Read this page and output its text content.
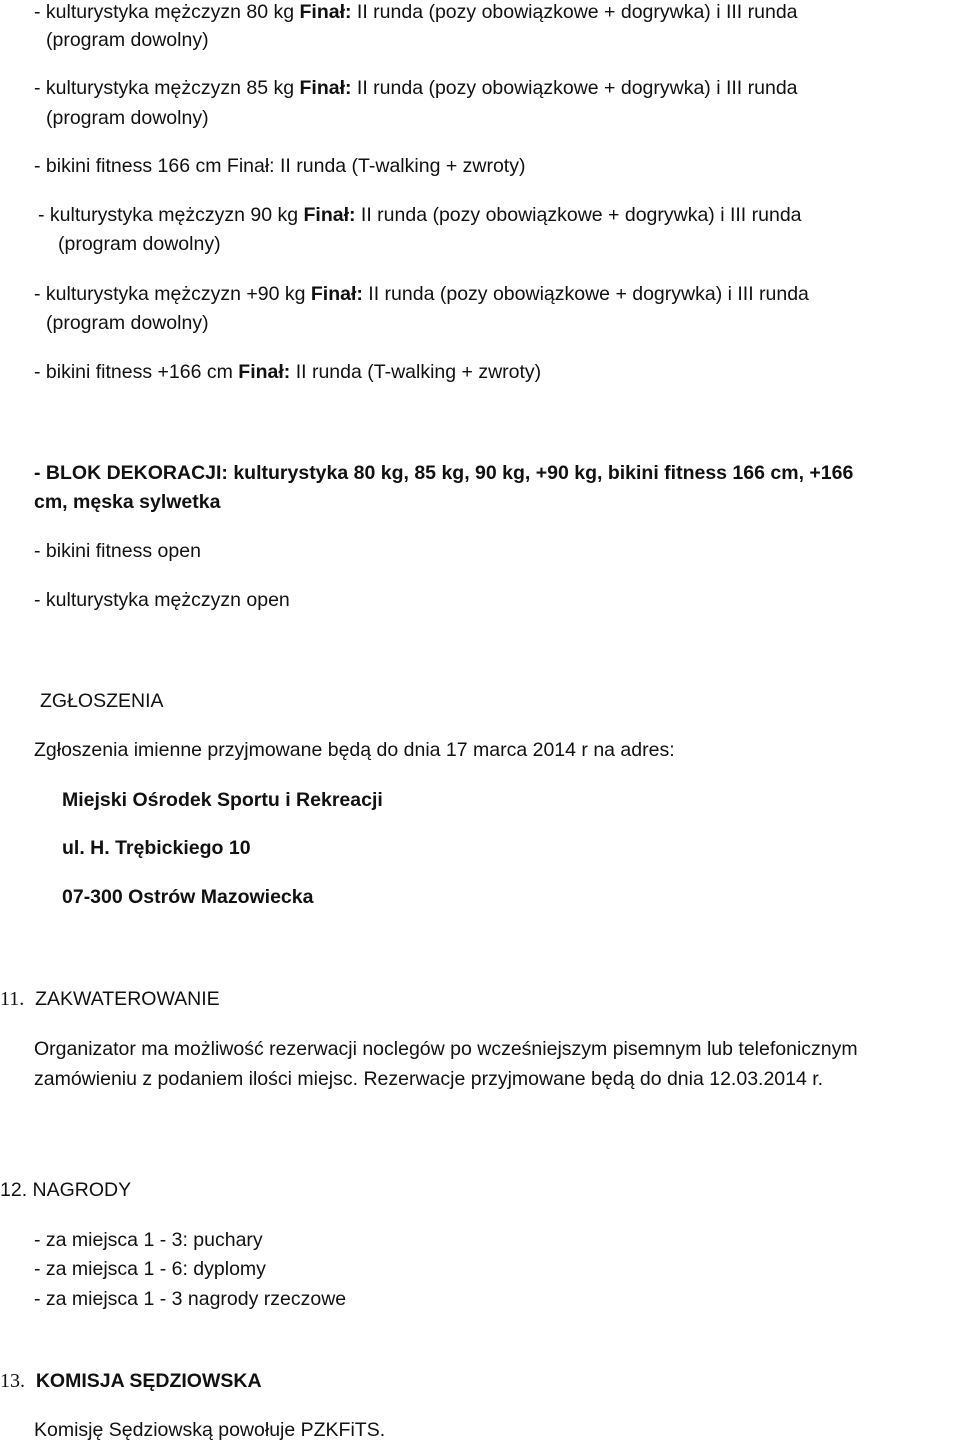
- kulturystyka mężczyzn 80 kg Finał: II runda (pozy obowiązkowe + dogrywka) i III runda
(program dowolny)
- kulturystyka mężczyzn 85 kg Finał: II runda (pozy obowiązkowe + dogrywka) i III runda
(program dowolny)
- bikini fitness 166 cm Finał: II runda (T-walking + zwroty)
- kulturystyka mężczyzn 90 kg Finał: II runda (pozy obowiązkowe + dogrywka) i III runda
(program dowolny)
- kulturystyka mężczyzn +90 kg Finał: II runda (pozy obowiązkowe + dogrywka) i III runda
(program dowolny)
- bikini fitness +166 cm Finał: II runda (T-walking + zwroty)
- BLOK DEKORACJI: kulturystyka 80 kg, 85 kg, 90 kg, +90 kg, bikini fitness 166 cm, +166
cm, męska sylwetka
- bikini fitness open
- kulturystyka mężczyzn open
ZGŁOSZENIA
Zgłoszenia imienne przyjmowane będą do dnia 17 marca 2014 r na adres:
Miejski Ośrodek Sportu i Rekreacji
ul. H. Trębickiego 10
07-300 Ostrów Mazowiecka
11. ZAKWATEROWANIE
Organizator ma możliwość rezerwacji noclegów po wcześniejszym pisemnym lub telefonicznym
zamówieniu z podaniem ilości miejsc. Rezerwacje przyjmowane będą do dnia 12.03.2014 r.
12. NAGRODY
- za miejsca 1 - 3: puchary
- za miejsca 1 - 6: dyplomy
- za miejsca 1 - 3 nagrody rzeczowe
13. KOMISJA SĘDZIOWSKA
Komisję Sędziowską powołuje PZKFiTS.
